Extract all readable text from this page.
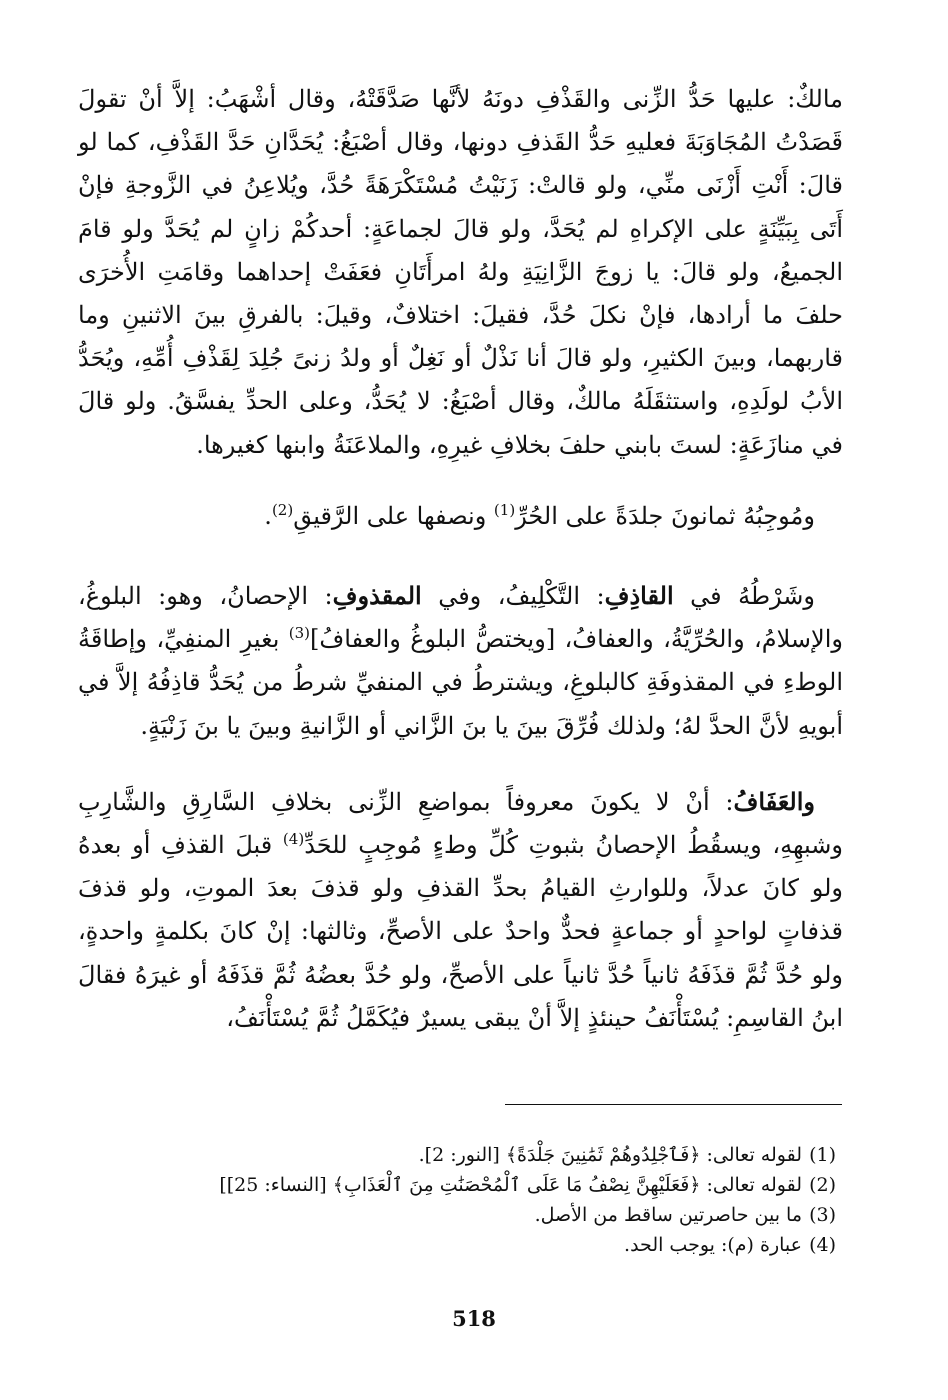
مالكٌ: عليها حَدُّ الزِّنى والقَذْفِ دونَهُ لأنَّها صَدَّقَتْهُ، وقال أشْهَبُ: إلاَّ أنْ تقولَ قَصَدْتُ المُجَاوَبَةَ فعليهِ حَدُّ القَذفِ دونها، وقال أصْبَغُ: يُحَدَّانِ حَدَّ القَذْفِ، كما لو قالَ: أَنْتِ أَزْنَى منِّي، ولو قالتْ: زَنَيْتُ مُسْتَكْرَهَةً حُدَّ، ويُلاعِنُ في الزَّوجةِ فإنْ أَتَى بِبَيِّنَةٍ على الإكراهِ لم يُحَدَّ، ولو قالَ لجماعَةٍ: أحدكُمْ زانٍ لم يُحَدَّ ولو قامَ الجميعُ، ولو قالَ: يا زوجَ الزَّانِيَةِ ولهُ امرأَتَانِ فعَفَتْ إحداهما وقامَتِ الأُخرَى حلفَ ما أرادها، فإنْ نكلَ حُدَّ، فقيلَ: اختلافٌ، وقيلَ: بالفرقِ بينَ الاثنينِ وما قاربهما، وبينَ الكثيرِ، ولو قالَ أنا نَذْلٌ أو نَغِلٌ أو ولدُ زنىً جُلِدَ لِقَذْفِ أُمِّهِ، ويُحَدُّ الأبُ لولَدِهِ، واستثقَلَهُ مالكٌ، وقال أصْبَغُ: لا يُحَدُّ، وعلى الحدِّ يفسَّقُ. ولو قالَ في منازَعَةٍ: لستَ بابني حلفَ بخلافِ غيرِهِ، والملاعَنَةُ وابنها كغيرها.

ومُوجِبُهُ ثمانونَ جلدَةً على الحُرِّ$^{(1)}$ ونصفها على الرَّقيقِ$^{(2)}$.

وشَرْطُهُ في القاذِفِ: التَّكْلِيفُ، وفي المقذوفِ: الإحصانُ، وهو: البلوغُ، والإسلامُ، والحُرِّيَّةُ، والعفافُ، [ويختصُّ البلوغُ والعفافُ]$^{(3)}$ بغيرِ المنفِيِّ، وإطاقَةُ الوطءِ في المقذوفَةِ كالبلوغِ، ويشترطُ في المنفيِّ شرطُ من يُحَدُّ قاذِفُهُ إلاَّ في أبويهِ لأنَّ الحدَّ لهُ؛ ولذلك فُرِّقَ بينَ يا بنَ الزَّاني أو الزَّانيةِ وبينَ يا بنَ زَنْيَةٍ.

والعَفَافُ: أنْ لا يكونَ معروفاً بمواضعِ الزِّنى بخلافِ السَّارِقِ والشَّارِبِ وشبهِهِ، ويسقُطُ الإحصانُ بثبوتِ كُلِّ وطءٍ مُوجِبٍ للحَدِّ$^{(4)}$ قبلَ القذفِ أو بعدهُ ولو كانَ عدلاً، وللوارثِ القيامُ بحدِّ القذفِ ولو قذفَ بعدَ الموتِ، ولو قذفَ قذفاتٍ لواحدٍ أو جماعةٍ فحدٌّ واحدٌ على الأصحِّ، وثالثها: إنْ كانَ بكلمةٍ واحدةٍ، ولو حُدَّ ثُمَّ قذَفَهُ ثانياً حُدَّ ثانياً على الأصحِّ، ولو حُدَّ بعضُهُ ثُمَّ قذَفَهُ أو غيرَهُ فقالَ ابنُ القاسِمِ: يُسْتَأْنَفُ حينئذٍ إلاَّ أنْ يبقى يسيرٌ فيُكَمَّلُ ثُمَّ يُسْتَأْنَفُ،

(1)لقوله تعالى: ﴿فَٱجْلِدُوهُمْ ثَمَٰنِينَ جَلْدَةً﴾ [النور: 2].
(2)لقوله تعالى: ﴿فَعَلَيْهِنَّ نِصْفُ مَا عَلَى ٱلْمُحْصَنَٰتِ مِنَ ٱلْعَذَابِ﴾ [النساء: 25]]
(3)ما بين حاصرتين ساقط من الأصل.
(4)عبارة (م): يوجب الحد.
518
